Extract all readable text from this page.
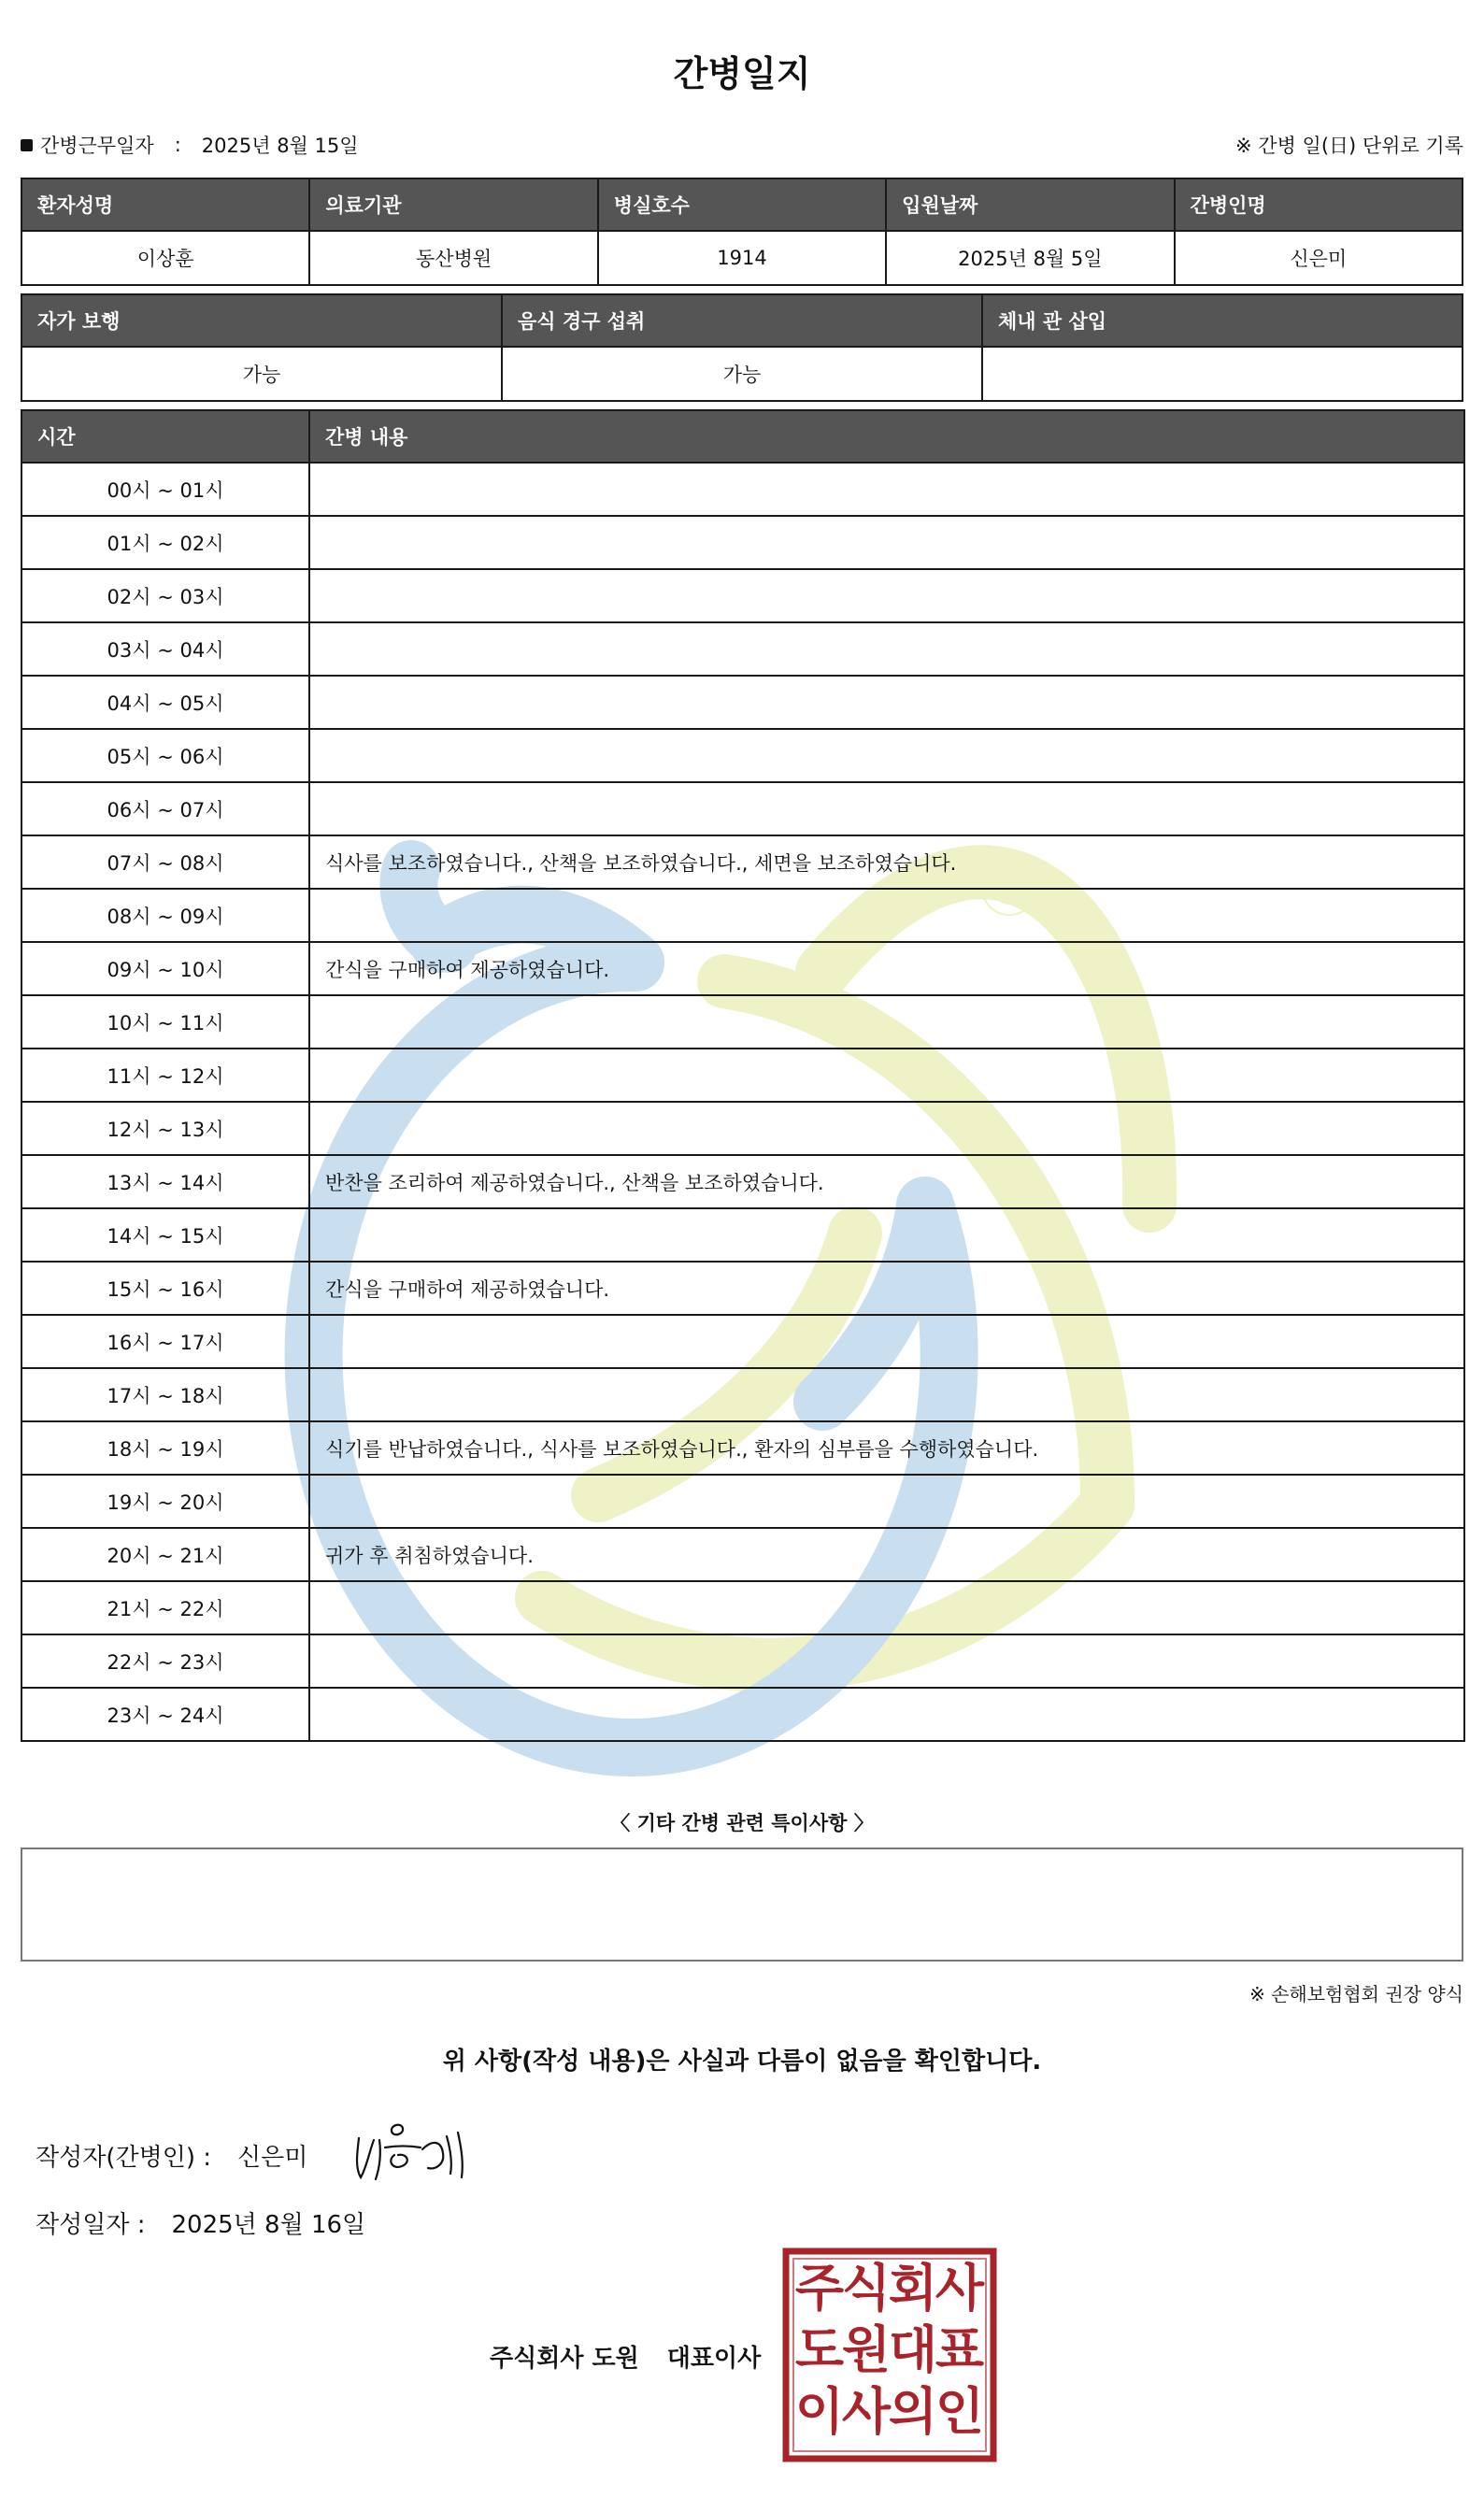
간병일지
간병근무일자 : 2025년 8월 15일	※ 간병 일(日) 단위로 기록
환자성명	의료기관	병실호수	입원날짜	간병인명
이상훈	동산병원	1914	2025년 8월 5일	신은미
자가 보행	음식 경구 섭취	체내 관 삽입
가능	가능	
시간	간병 내용
00시 ~ 01시	
01시 ~ 02시	
02시 ~ 03시	
03시 ~ 04시	
04시 ~ 05시	
05시 ~ 06시	
06시 ~ 07시	
07시 ~ 08시	식사를 보조하였습니다., 산책을 보조하였습니다., 세면을 보조하였습니다.
08시 ~ 09시	
09시 ~ 10시	간식을 구매하여 제공하였습니다.
10시 ~ 11시	
11시 ~ 12시	
12시 ~ 13시	
13시 ~ 14시	반찬을 조리하여 제공하였습니다., 산책을 보조하였습니다.
14시 ~ 15시	
15시 ~ 16시	간식을 구매하여 제공하였습니다.
16시 ~ 17시	
17시 ~ 18시	
18시 ~ 19시	식기를 반납하였습니다., 식사를 보조하였습니다., 환자의 심부름을 수행하였습니다.
19시 ~ 20시	
20시 ~ 21시	귀가 후 취침하였습니다.
21시 ~ 22시	
22시 ~ 23시	
23시 ~ 24시	
〈 기타 간병 관련 특이사항 〉
※ 손해보험협회 권장 양식
위 사항(작성 내용)은 사실과 다름이 없음을 확인합니다.
작성자(간병인) : 신은미
작성일자 : 2025년 8월 16일
주식회사 도원 대표이사
주
식
회
사
도
원
대
표
이
사
의
인
